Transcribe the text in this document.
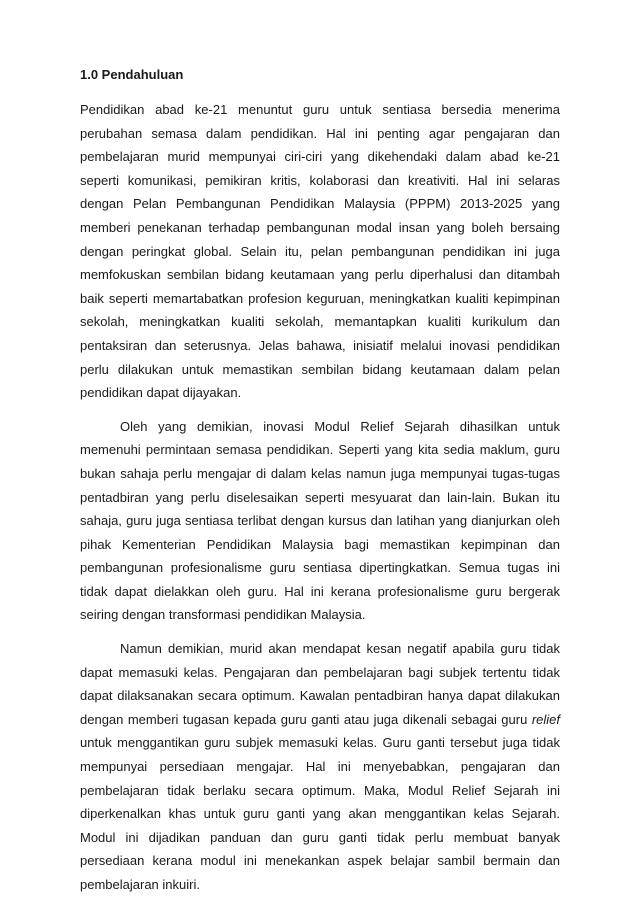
1.0 Pendahuluan

Pendidikan abad ke-21 menuntut guru untuk sentiasa bersedia menerima perubahan semasa dalam pendidikan. Hal ini penting agar pengajaran dan pembelajaran murid mempunyai ciri-ciri yang dikehendaki dalam abad ke-21 seperti komunikasi, pemikiran kritis, kolaborasi dan kreativiti. Hal ini selaras dengan Pelan Pembangunan Pendidikan Malaysia (PPPM) 2013-2025 yang memberi penekanan terhadap pembangunan modal insan yang boleh bersaing dengan peringkat global. Selain itu, pelan pembangunan pendidikan ini juga memfokuskan sembilan bidang keutamaan yang perlu diperhalusi dan ditambah baik seperti memartabatkan profesion keguruan, meningkatkan kualiti kepimpinan sekolah, meningkatkan kualiti sekolah, memantapkan kualiti kurikulum dan pentaksiran dan seterusnya. Jelas bahawa, inisiatif melalui inovasi pendidikan perlu dilakukan untuk memastikan sembilan bidang keutamaan dalam pelan pendidikan dapat dijayakan.

Oleh yang demikian, inovasi Modul Relief Sejarah dihasilkan untuk memenuhi permintaan semasa pendidikan. Seperti yang kita sedia maklum, guru bukan sahaja perlu mengajar di dalam kelas namun juga mempunyai tugas-tugas pentadbiran yang perlu diselesaikan seperti mesyuarat dan lain-lain. Bukan itu sahaja, guru juga sentiasa terlibat dengan kursus dan latihan yang dianjurkan oleh pihak Kementerian Pendidikan Malaysia bagi memastikan kepimpinan dan pembangunan profesionalisme guru sentiasa dipertingkatkan. Semua tugas ini tidak dapat dielakkan oleh guru. Hal ini kerana profesionalisme guru bergerak seiring dengan transformasi pendidikan Malaysia.

Namun demikian, murid akan mendapat kesan negatif apabila guru tidak dapat memasuki kelas. Pengajaran dan pembelajaran bagi subjek tertentu tidak dapat dilaksanakan secara optimum. Kawalan pentadbiran hanya dapat dilakukan dengan memberi tugasan kepada guru ganti atau juga dikenali sebagai guru relief untuk menggantikan guru subjek memasuki kelas. Guru ganti tersebut juga tidak mempunyai persediaan mengajar. Hal ini menyebabkan, pengajaran dan pembelajaran tidak berlaku secara optimum. Maka, Modul Relief Sejarah ini diperkenalkan khas untuk guru ganti yang akan menggantikan kelas Sejarah. Modul ini dijadikan panduan dan guru ganti tidak perlu membuat banyak persediaan kerana modul ini menekankan aspek belajar sambil bermain dan pembelajaran inkuiri.
